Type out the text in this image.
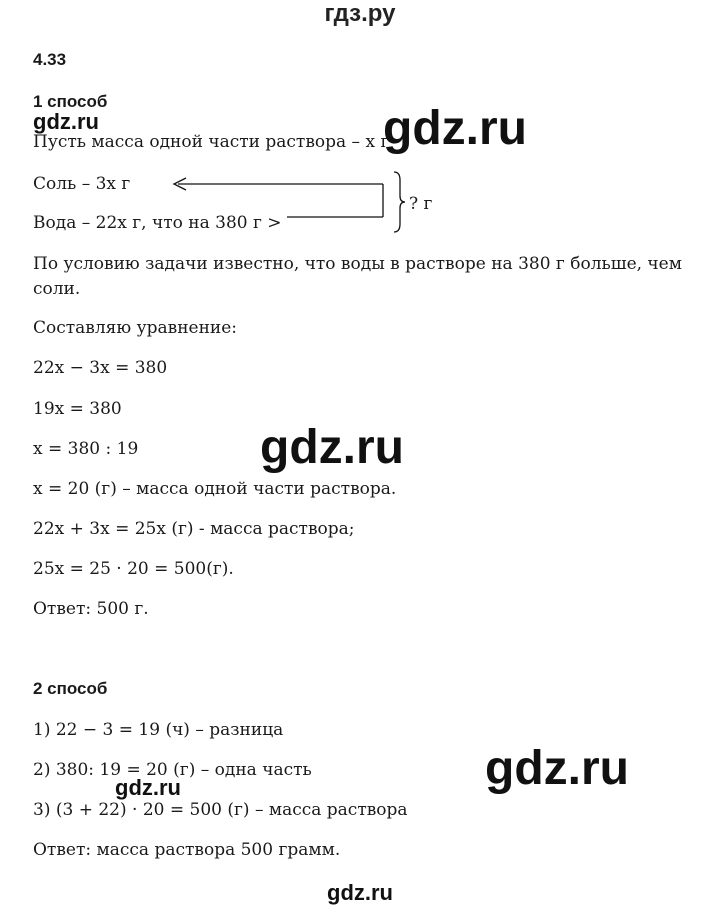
гдз.ру
4.33
1 способ
gdz.ru
Пусть масса одной части раствора – x г
gdz.ru
Соль – 3x г
Вода – 22x г, что на 380 г >
? г
По условию задачи известно, что воды в растворе на 380 г больше, чем
соли.
Составляю уравнение:
22x − 3x = 380
19x = 380
x = 380 : 19	gdz.ru
x = 20 (г) – масса одной части раствора.
22x + 3x = 25x (г) - масса раствора;
25x = 25 · 20 = 500(г).
Ответ: 500 г.
2 способ
1) 22 − 3 = 19 (ч) – разница
2) 380: 19 = 20 (г) – одна часть
gdz.ru	gdz.ru
3) (3 + 22) · 20 = 500 (г) – масса раствора
Ответ: масса раствора 500 грамм.
gdz.ru
